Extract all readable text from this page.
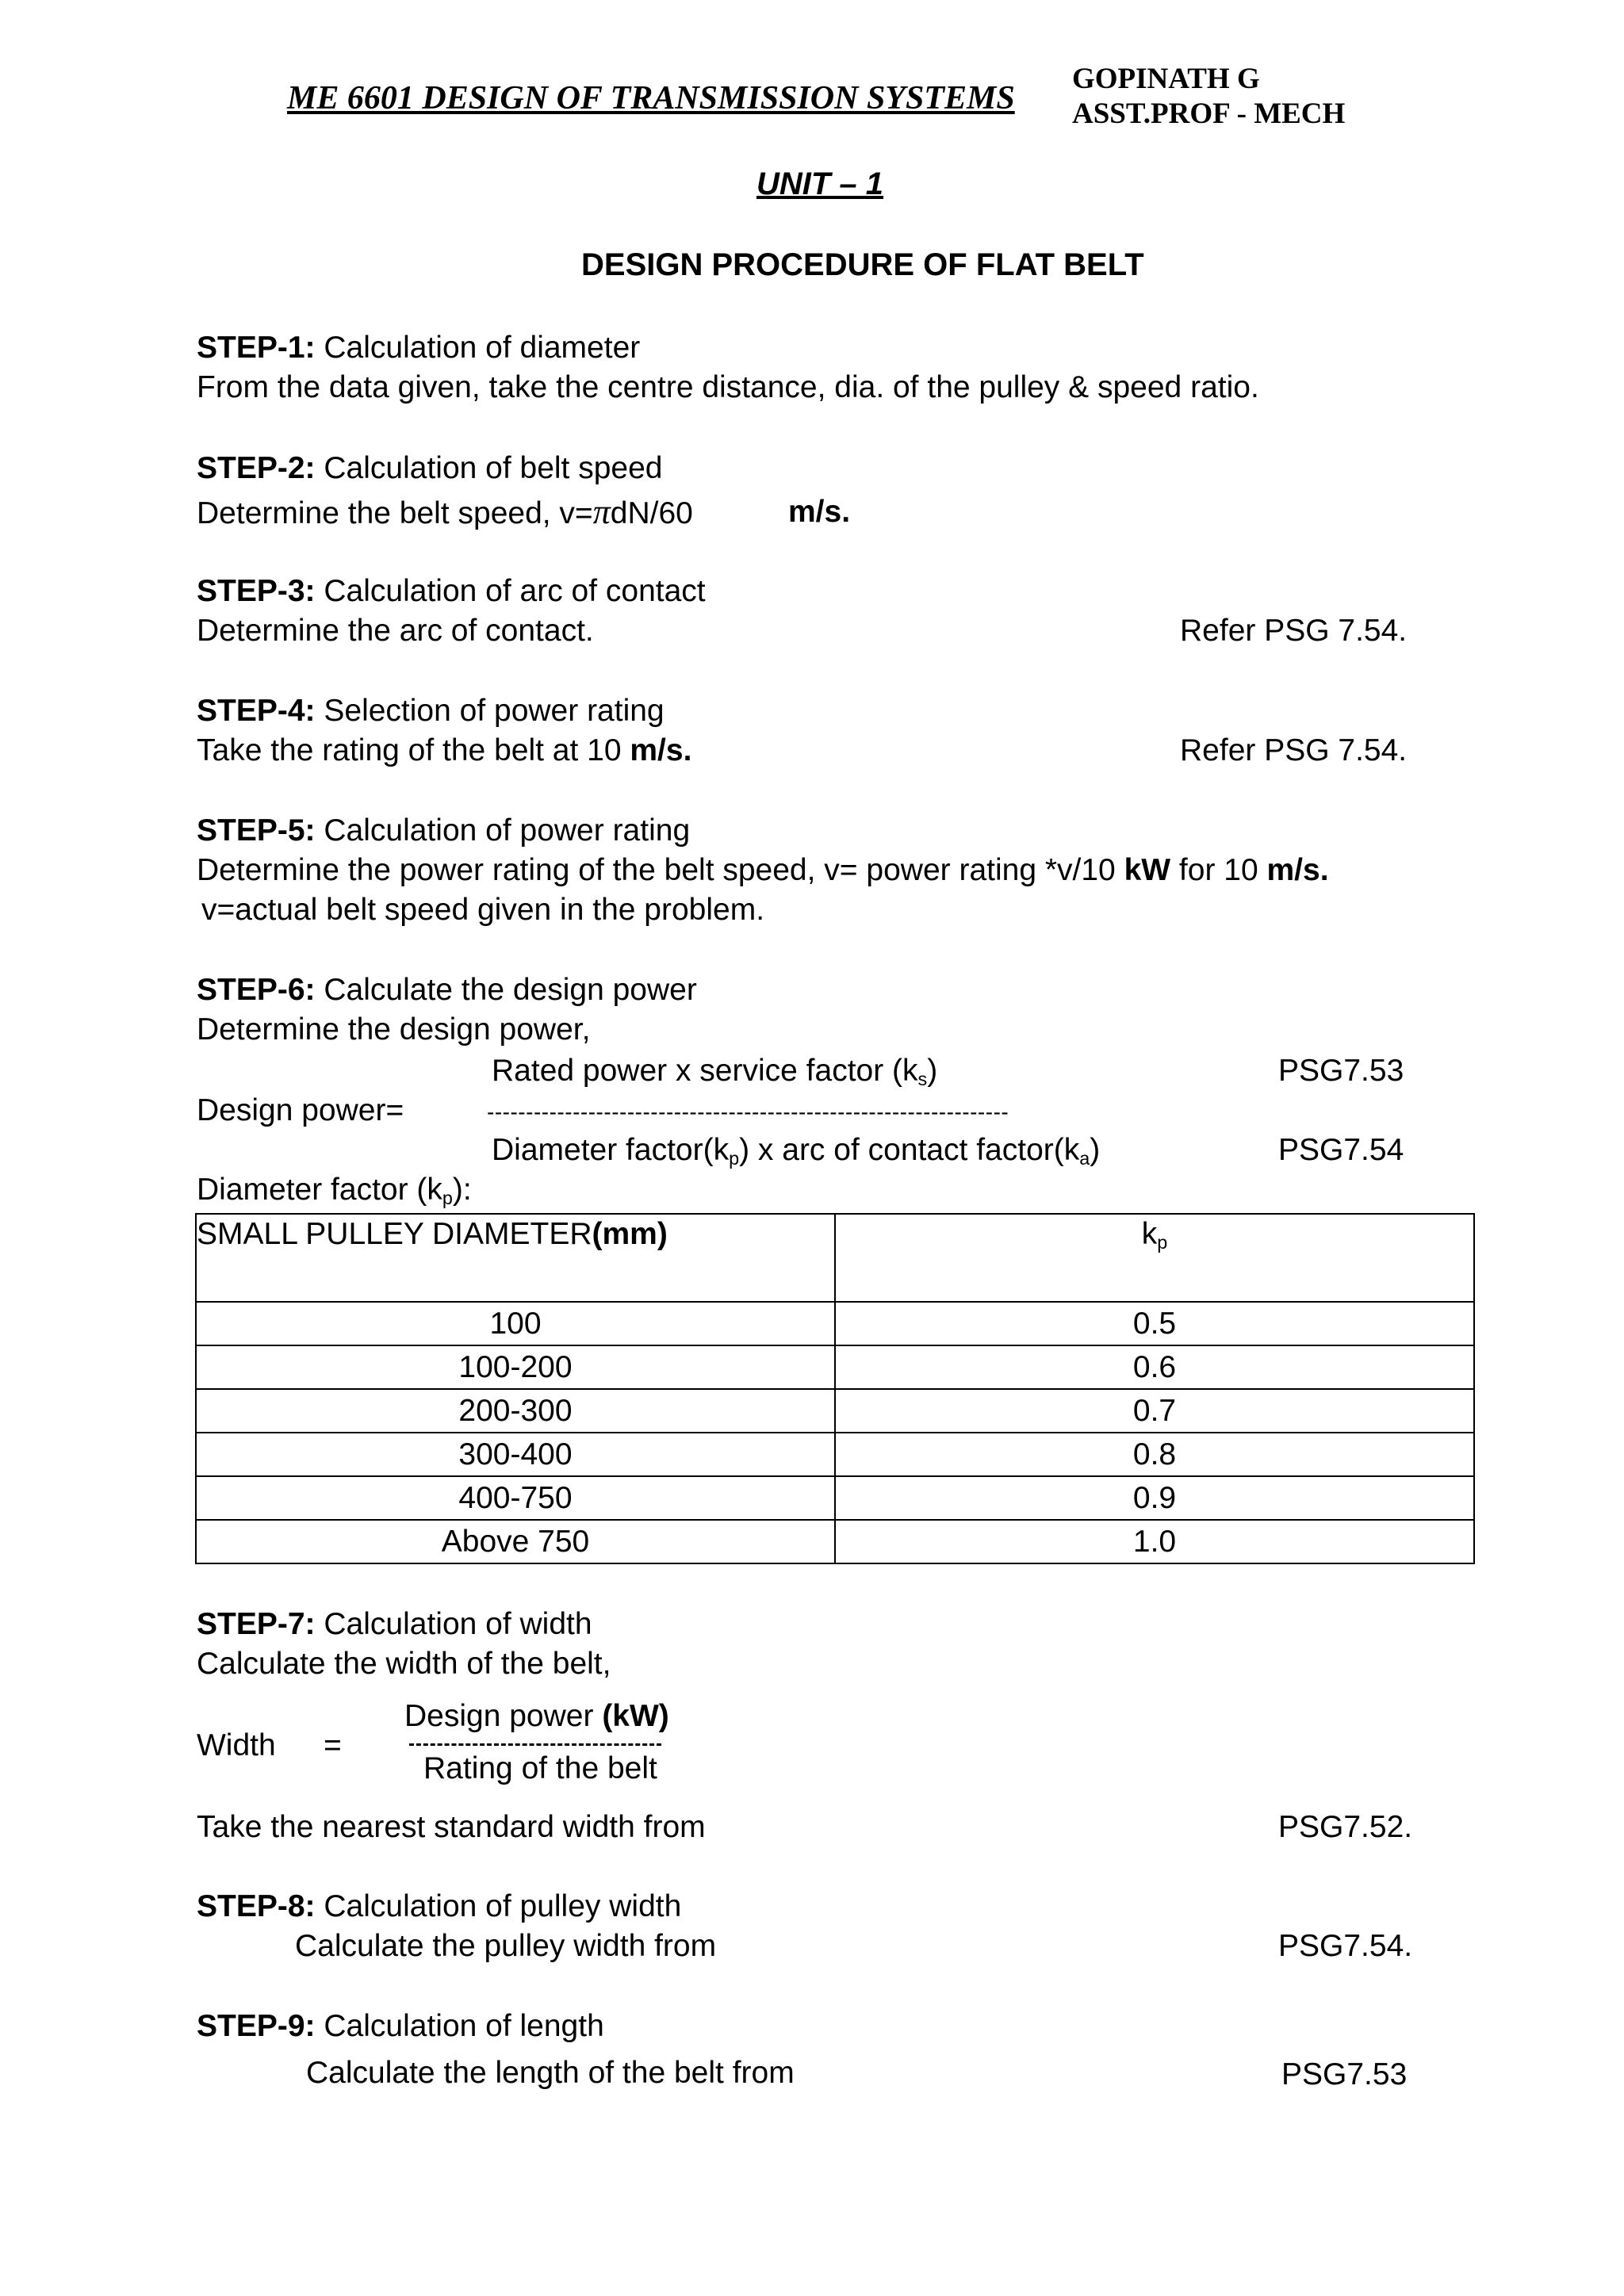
ME 6601 DESIGN OF TRANSMISSION SYSTEMS
GOPINATH G
ASST.PROF - MECH
UNIT – 1
DESIGN PROCEDURE OF FLAT BELT
STEP-1: Calculation of diameter
From the data given, take the centre distance, dia. of the pulley & speed ratio.
STEP-2: Calculation of belt speed
Determine the belt speed, v=πdN/60	m/s.
STEP-3: Calculation of arc of contact
Determine the arc of contact.	Refer PSG 7.54.
STEP-4: Selection of power rating
Take the rating of the belt at 10 m/s.	Refer PSG 7.54.
STEP-5: Calculation of power rating
Determine the power rating of the belt speed, v= power rating *v/10 kW for 10 m/s.
v=actual belt speed given in the problem.
STEP-6: Calculate the design power
Determine the design power,
Rated power x service factor $(k_s)$	PSG7.53
Design power=	-------------------------------------------------------------------
Diameter $factor(k_p)$ x arc of contact $factor(k_a)$	PSG7.54
Diameter factor $(k_p)$:
SMALL PULLEY DIAMETER(mm)	$k_p$
100	0.5
100-200	0.6
200-300	0.7
300-400	0.8
400-750	0.9
Above 750	1.0
STEP-7: Calculation of width
Calculate the width of the belt,
Design power (kW)
Width =
Rating of the belt
Take the nearest standard width from	PSG7.52.
STEP-8: Calculation of pulley width
Calculate the pulley width from	PSG7.54.
STEP-9: Calculation of length
Calculate the length of the belt from	PSG7.53
